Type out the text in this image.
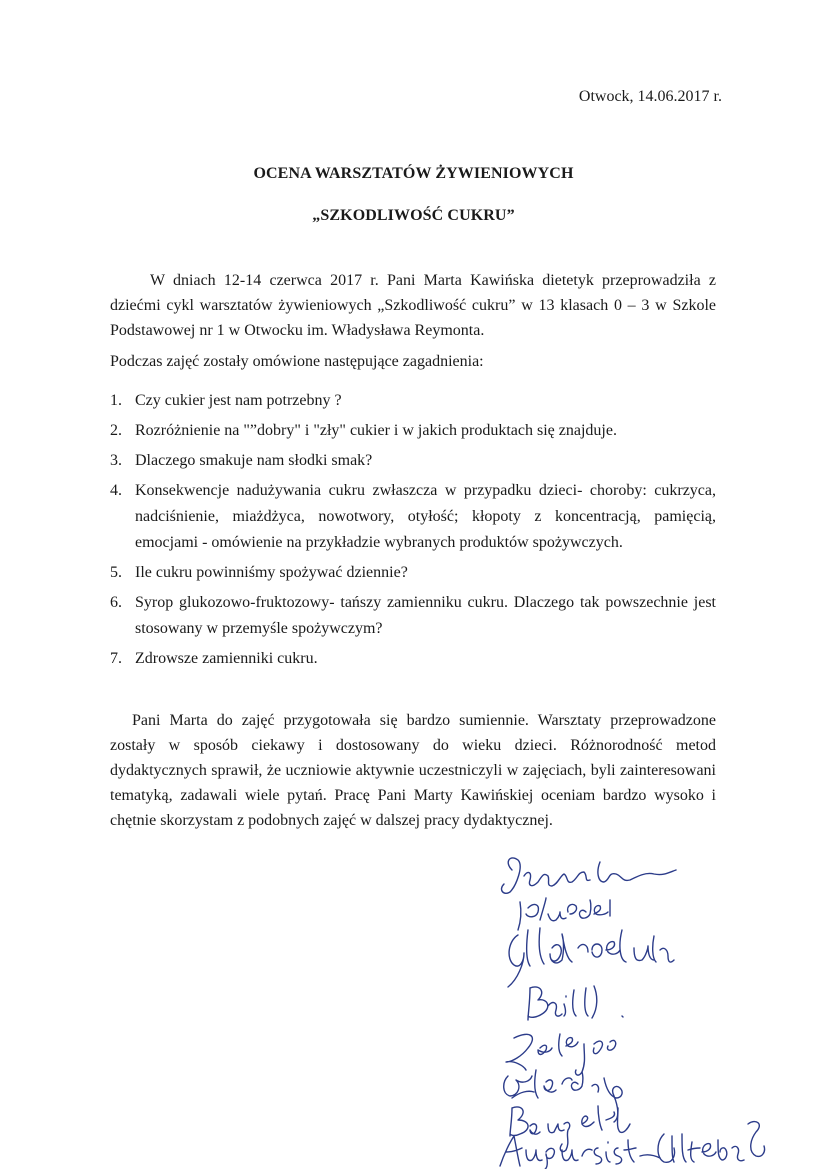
Otwock, 14.06.2017 r.
OCENA WARSZTATÓW ŻYWIENIOWYCH
„SZKODLIWOŚĆ CUKRU”

W dniach 12-14 czerwca 2017 r. Pani Marta Kawińska dietetyk przeprowadziła z dziećmi cykl warsztatów żywieniowych „Szkodliwość cukru” w 13 klasach 0 – 3 w Szkole Podstawowej nr 1 w Otwocku im. Władysława Reymonta.

Podczas zajęć zostały omówione następujące zagadnienia:
1. Czy cukier jest nam potrzebny ?
2. Rozróżnienie na "”dobry" i "zły" cukier i w jakich produktach się znajduje.
3. Dlaczego smakuje nam słodki smak?
4. Konsekwencje nadużywania cukru zwłaszcza w przypadku dzieci- choroby: cukrzyca, nadciśnienie, miażdżyca, nowotwory, otyłość; kłopoty z koncentracją, pamięcią, emocjami - omówienie na przykładzie wybranych produktów spożywczych.
5. Ile cukru powinniśmy spożywać dziennie?
6. Syrop glukozowo-fruktozowy- tańszy zamienniku cukru. Dlaczego tak powszechnie jest stosowany w przemyśle spożywczym?
7. Zdrowsze zamienniki cukru.

Pani Marta do zajęć przygotowała się bardzo sumiennie. Warsztaty przeprowadzone zostały w sposób ciekawy i dostosowany do wieku dzieci. Różnorodność metod dydaktycznych sprawił, że uczniowie aktywnie uczestniczyli w zajęciach, byli zainteresowani tematyką, zadawali wiele pytań. Pracę Pani Marty Kawińskiej oceniam bardzo wysoko i chętnie skorzystam z podobnych zajęć w dalszej pracy dydaktycznej.
